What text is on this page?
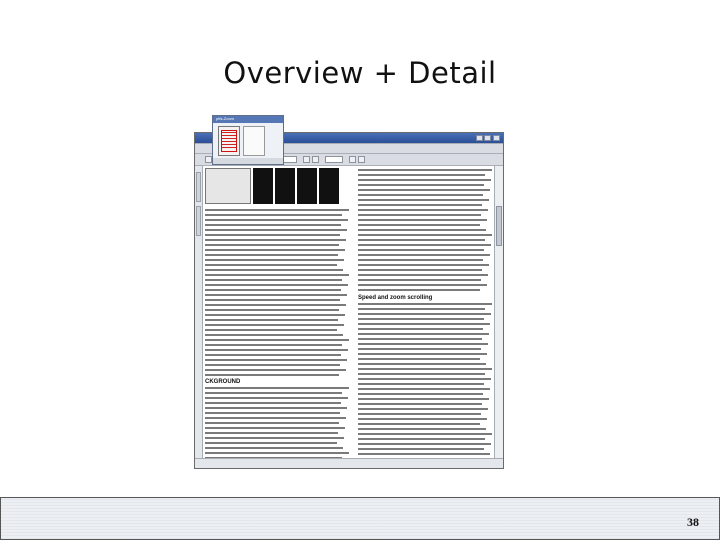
Overview + Detail
CKGROUND
Speed and zoom scrolling
ptfs-Zoom
38
